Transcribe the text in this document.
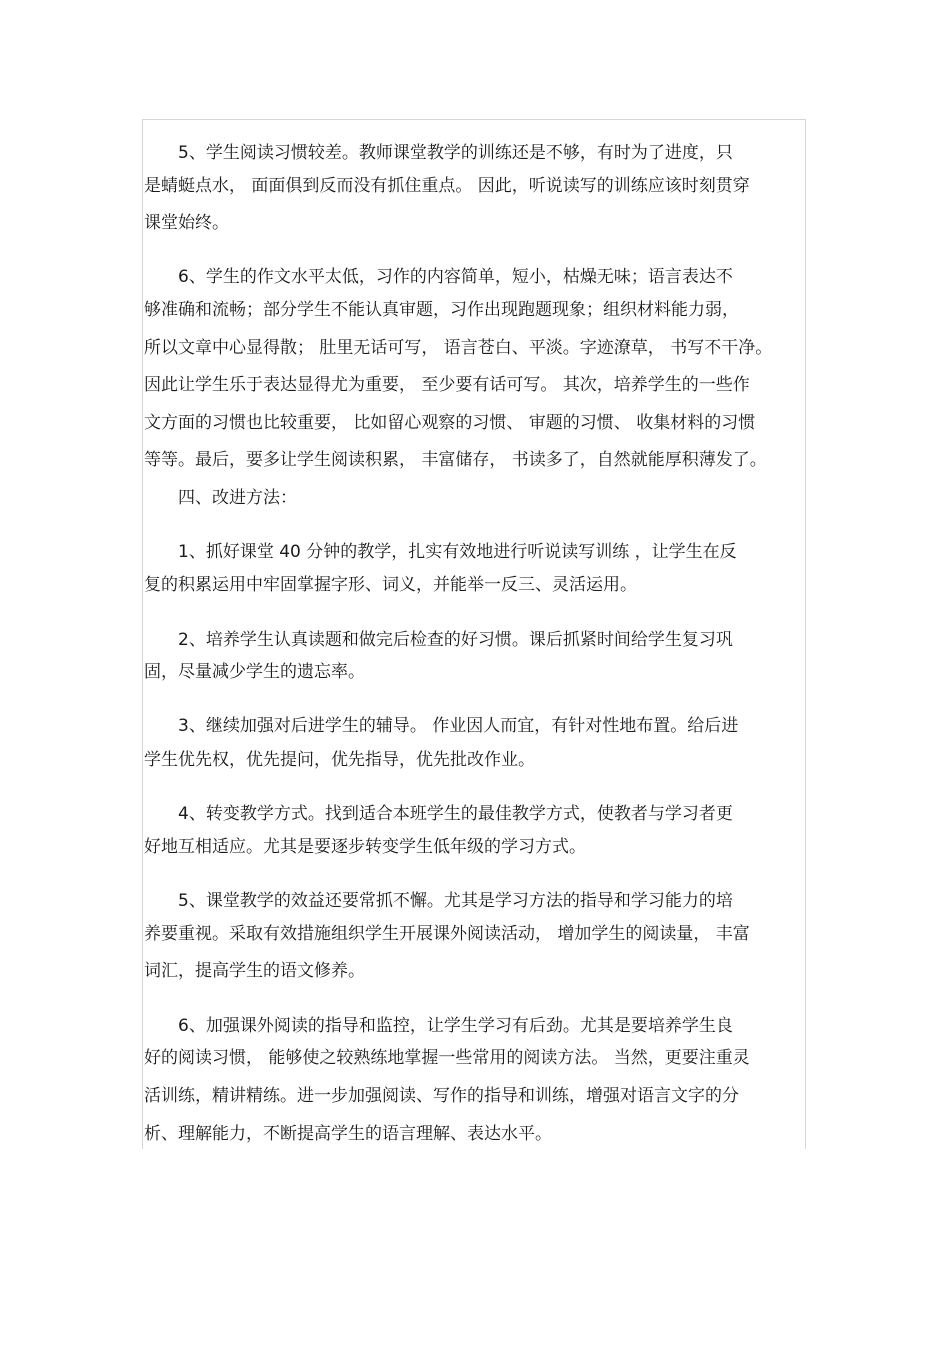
5、学生阅读习惯较差。教师课堂教学的训练还是不够，有时为了进度，只
是蜻蜓点水， 面面俱到反而没有抓住重点。 因此，听说读写的训练应该时刻贯穿
课堂始终。
6、学生的作文水平太低，习作的内容简单，短小，枯燥无味；语言表达不
够准确和流畅；部分学生不能认真审题，习作出现跑题现象；组织材料能力弱，
所以文章中心显得散； 肚里无话可写， 语言苍白、平淡。字迹潦草， 书写不干净。
因此让学生乐于表达显得尤为重要， 至少要有话可写。 其次，培养学生的一些作
文方面的习惯也比较重要， 比如留心观察的习惯、 审题的习惯、 收集材料的习惯
等等。最后，要多让学生阅读积累， 丰富储存， 书读多了，自然就能厚积薄发了。
四、改进方法：
1、抓好课堂 40 分钟的教学，扎实有效地进行听说读写训练 ，让学生在反
复的积累运用中牢固掌握字形、词义，并能举一反三、灵活运用。
2、培养学生认真读题和做完后检查的好习惯。课后抓紧时间给学生复习巩
固，尽量减少学生的遗忘率。
3、继续加强对后进学生的辅导。 作业因人而宜，有针对性地布置。给后进
学生优先权，优先提问，优先指导，优先批改作业。
4、转变教学方式。找到适合本班学生的最佳教学方式，使教者与学习者更
好地互相适应。尤其是要逐步转变学生低年级的学习方式。
5、课堂教学的效益还要常抓不懈。尤其是学习方法的指导和学习能力的培
养要重视。采取有效措施组织学生开展课外阅读活动， 增加学生的阅读量， 丰富
词汇，提高学生的语文修养。
6、加强课外阅读的指导和监控，让学生学习有后劲。尤其是要培养学生良
好的阅读习惯， 能够使之较熟练地掌握一些常用的阅读方法。 当然，更要注重灵
活训练，精讲精练。进一步加强阅读、写作的指导和训练，增强对语言文字的分
析、理解能力，不断提高学生的语言理解、表达水平。
